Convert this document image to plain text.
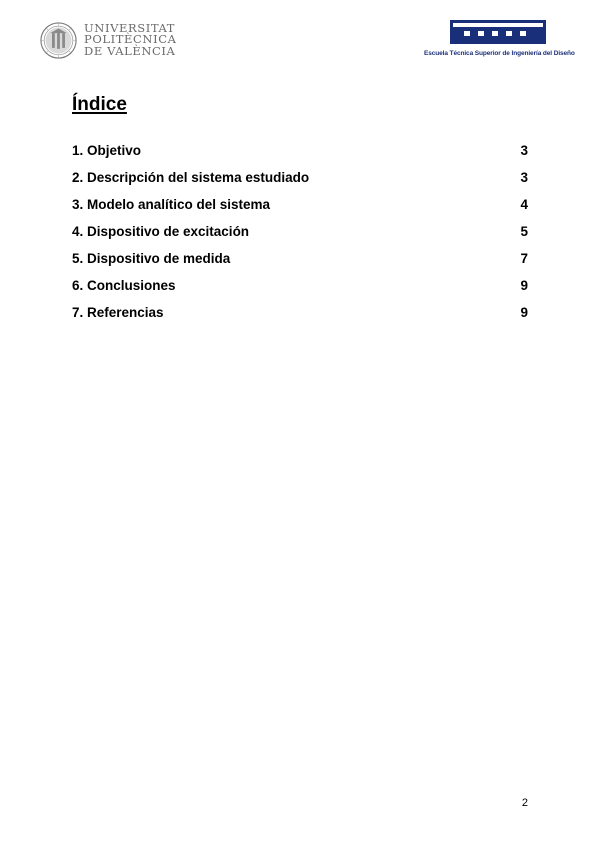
UNIVERSITAT
POLITÈCNICA
DE VALÈNCIA	Escuela Técnica Superior de Ingeniería del Diseño
Índice
1. Objetivo	3
2. Descripción del sistema estudiado	3
3. Modelo analítico del sistema	4
4. Dispositivo de excitación	5
5. Dispositivo de medida	7
6. Conclusiones	9
7. Referencias	9
2
